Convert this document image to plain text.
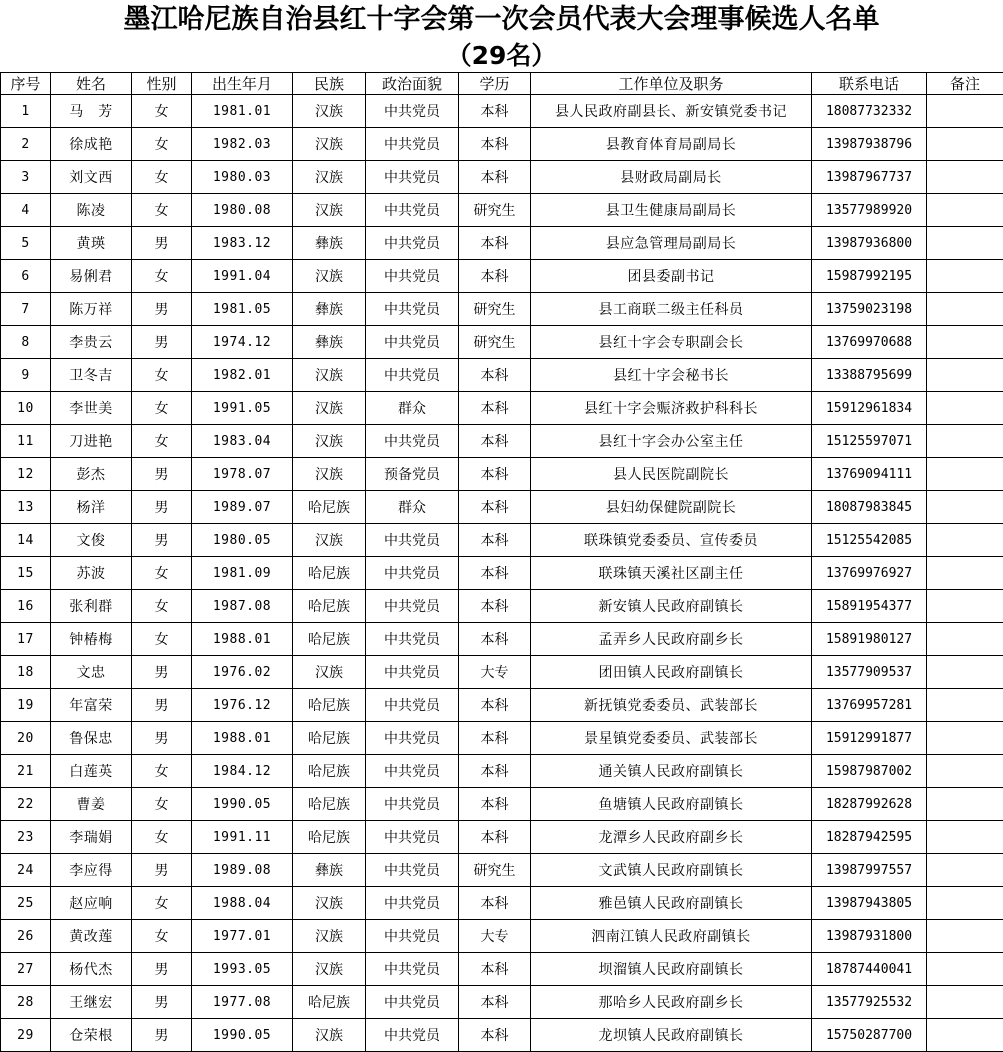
墨江哈尼族自治县红十字会第一次会员代表大会理事候选人名单
（29名）
序号	姓名	性别	出生年月	民族	政治面貌	学历	工作单位及职务	联系电话	备注
1	马　芳	女	1981.01	汉族	中共党员	本科	县人民政府副县长、新安镇党委书记	18087732332	
2	徐成艳	女	1982.03	汉族	中共党员	本科	县教育体育局副局长	13987938796	
3	刘文西	女	1980.03	汉族	中共党员	本科	县财政局副局长	13987967737	
4	陈凌	女	1980.08	汉族	中共党员	研究生	县卫生健康局副局长	13577989920	
5	黄瑛	男	1983.12	彝族	中共党员	本科	县应急管理局副局长	13987936800	
6	易俐君	女	1991.04	汉族	中共党员	本科	团县委副书记	15987992195	
7	陈万祥	男	1981.05	彝族	中共党员	研究生	县工商联二级主任科员	13759023198	
8	李贵云	男	1974.12	彝族	中共党员	研究生	县红十字会专职副会长	13769970688	
9	卫冬吉	女	1982.01	汉族	中共党员	本科	县红十字会秘书长	13388795699	
10	李世美	女	1991.05	汉族	群众	本科	县红十字会赈济救护科科长	15912961834	
11	刀进艳	女	1983.04	汉族	中共党员	本科	县红十字会办公室主任	15125597071	
12	彭杰	男	1978.07	汉族	预备党员	本科	县人民医院副院长	13769094111	
13	杨洋	男	1989.07	哈尼族	群众	本科	县妇幼保健院副院长	18087983845	
14	文俊	男	1980.05	汉族	中共党员	本科	联珠镇党委委员、宣传委员	15125542085	
15	苏波	女	1981.09	哈尼族	中共党员	本科	联珠镇天溪社区副主任	13769976927	
16	张利群	女	1987.08	哈尼族	中共党员	本科	新安镇人民政府副镇长	15891954377	
17	钟椿梅	女	1988.01	哈尼族	中共党员	本科	孟弄乡人民政府副乡长	15891980127	
18	文忠	男	1976.02	汉族	中共党员	大专	团田镇人民政府副镇长	13577909537	
19	年富荣	男	1976.12	哈尼族	中共党员	本科	新抚镇党委委员、武装部长	13769957281	
20	鲁保忠	男	1988.01	哈尼族	中共党员	本科	景星镇党委委员、武装部长	15912991877	
21	白莲英	女	1984.12	哈尼族	中共党员	本科	通关镇人民政府副镇长	15987987002	
22	曹姜	女	1990.05	哈尼族	中共党员	本科	鱼塘镇人民政府副镇长	18287992628	
23	李瑞娟	女	1991.11	哈尼族	中共党员	本科	龙潭乡人民政府副乡长	18287942595	
24	李应得	男	1989.08	彝族	中共党员	研究生	文武镇人民政府副镇长	13987997557	
25	赵应响	女	1988.04	汉族	中共党员	本科	雅邑镇人民政府副镇长	13987943805	
26	黄改莲	女	1977.01	汉族	中共党员	大专	泗南江镇人民政府副镇长	13987931800	
27	杨代杰	男	1993.05	汉族	中共党员	本科	坝溜镇人民政府副镇长	18787440041	
28	王继宏	男	1977.08	哈尼族	中共党员	本科	那哈乡人民政府副乡长	13577925532	
29	仓荣根	男	1990.05	汉族	中共党员	本科	龙坝镇人民政府副镇长	15750287700	
